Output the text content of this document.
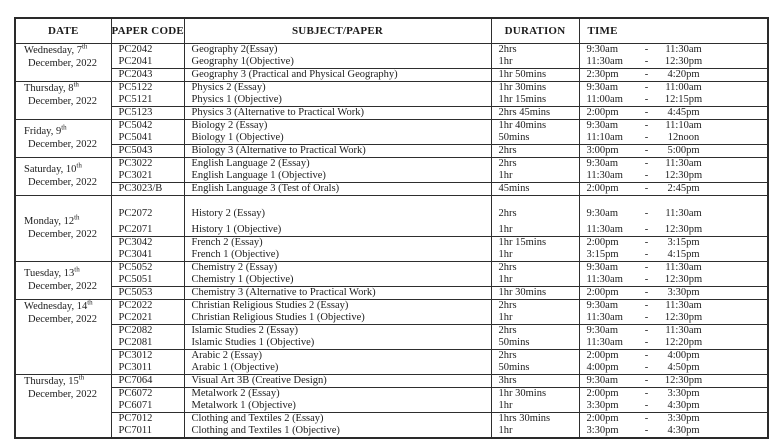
DATE	PAPER CODE	SUBJECT/PAPER	DURATION	TIME

Wednesday, 7th
December, 2022	PC2042	Geography 2(Essay)	2hrs	9:30am - 11:30am
	PC2041	Geography 1(Objective)	1hr	11:30am - 12:30pm
	PC2043	Geography 3 (Practical and Physical Geography)	1hr 50mins	2:30pm - 4:20pm

Thursday, 8th
December, 2022	PC5122	Physics 2 (Essay)	1hr 30mins	9:30am - 11:00am
	PC5121	Physics 1 (Objective)	1hr 15mins	11:00am - 12:15pm
	PC5123	Physics 3 (Alternative to Practical Work)	2hrs 45mins	2:00pm - 4:45pm

Friday, 9th
December, 2022	PC5042	Biology 2 (Essay)	1hr 40mins	9:30am - 11:10am
	PC5041	Biology 1 (Objective)	50mins	11:10am - 12noon
	PC5043	Biology 3 (Alternative to Practical Work)	2hrs	3:00pm - 5:00pm

Saturday, 10th
December, 2022	PC3022	English Language 2 (Essay)	2hrs	9:30am - 11:30am
	PC3021	English Language 1 (Objective)	1hr	11:30am - 12:30pm
	PC3023/B	English Language 3 (Test of Orals)	45mins	2:00pm - 2:45pm

Monday, 12th
December, 2022	PC2072	History 2 (Essay)	2hrs	9:30am - 11:30am
	PC2071	History 1 (Objective)	1hr	11:30am - 12:30pm
	PC3042	French 2 (Essay)	1hr 15mins	2:00pm - 3:15pm
	PC3041	French 1 (Objective)	1hr	3:15pm - 4:15pm

Tuesday, 13th
December, 2022	PC5052	Chemistry 2 (Essay)	2hrs	9:30am - 11:30am
	PC5051	Chemistry 1 (Objective)	1hr	11:30am - 12:30pm
	PC5053	Chemistry 3 (Alternative to Practical Work)	1hr 30mins	2:00pm - 3:30pm

Wednesday, 14th
December, 2022	PC2022	Christian Religious Studies 2 (Essay)	2hrs	9:30am - 11:30am
	PC2021	Christian Religious Studies 1 (Objective)	1hr	11:30am - 12:30pm
	PC2082	Islamic Studies 2 (Essay)	2hrs	9:30am - 11:30am
	PC2081	Islamic Studies 1 (Objective)	50mins	11:30am - 12:20pm
	PC3012	Arabic 2 (Essay)	2hrs	2:00pm - 4:00pm
	PC3011	Arabic 1 (Objective)	50mins	4:00pm - 4:50pm

Thursday, 15th
December, 2022	PC7064	Visual Art 3B (Creative Design)	3hrs	9:30am - 12:30pm
	PC6072	Metalwork 2 (Essay)	1hr 30mins	2:00pm - 3:30pm
	PC6071	Metalwork 1 (Objective)	1hr	3:30pm - 4:30pm
	PC7012	Clothing and Textiles 2 (Essay)	1hrs 30mins	2:00pm - 3:30pm
	PC7011	Clothing and Textiles 1 (Objective)	1hr	3:30pm - 4:30pm
